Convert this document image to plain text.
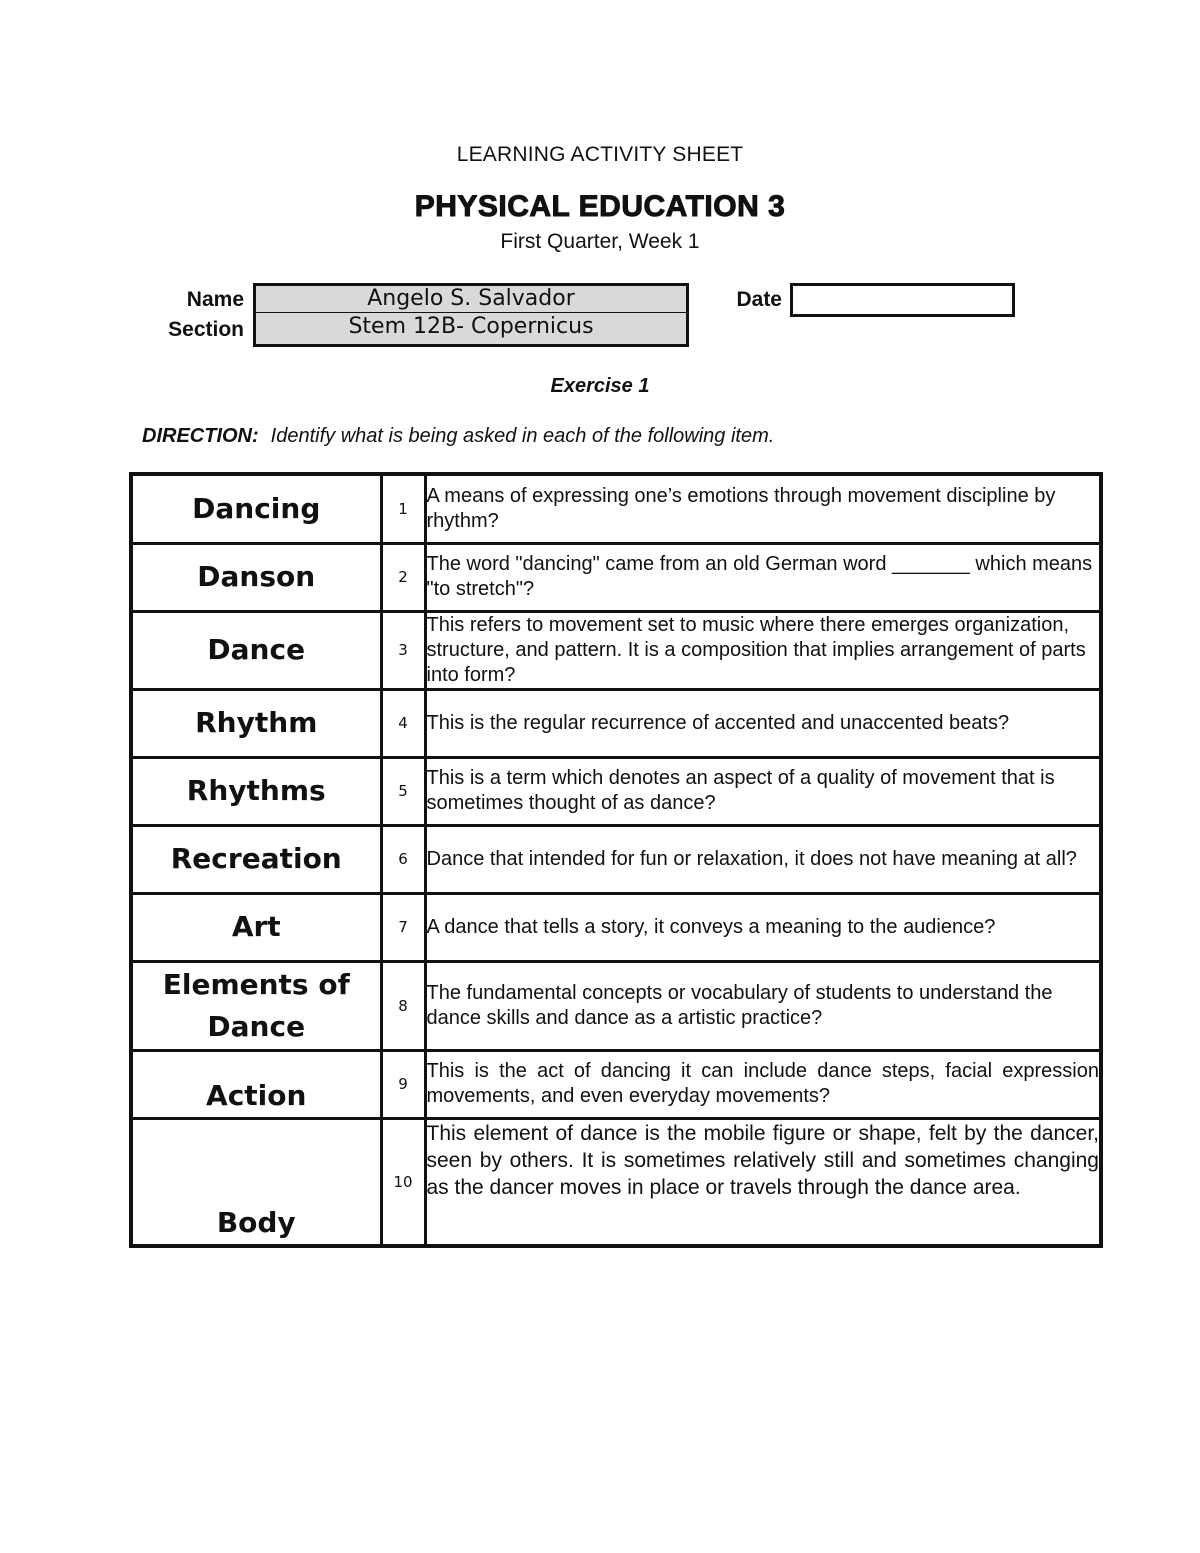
LEARNING ACTIVITY SHEET
PHYSICAL EDUCATION 3
First Quarter, Week 1
Name	Angelo S. Salvador
Section	Stem 12B- Copernicus
Date
Exercise 1
DIRECTION: Identify what is being asked in each of the following item.
Dancing	1	A means of expressing one’s emotions through movement discipline by rhythm?
Danson	2	The word "dancing" came from an old German word _______ which means "to stretch"?
Dance	3	This refers to movement set to music where there emerges organization, structure, and pattern. It is a composition that implies arrangement of parts into form?
Rhythm	4	This is the regular recurrence of accented and unaccented beats?
Rhythms	5	This is a term which denotes an aspect of a quality of movement that is sometimes thought of as dance?
Recreation	6	Dance that intended for fun or relaxation, it does not have meaning at all?
Art	7	A dance that tells a story, it conveys a meaning to the audience?
Elements of Dance	8	The fundamental concepts or vocabulary of students to understand the dance skills and dance as a artistic practice?
Action	9	This is the act of dancing it can include dance steps, facial expression movements, and even everyday movements?
Body	10	This element of dance is the mobile figure or shape, felt by the dancer, seen by others. It is sometimes relatively still and sometimes changing as the dancer moves in place or travels through the dance area.
